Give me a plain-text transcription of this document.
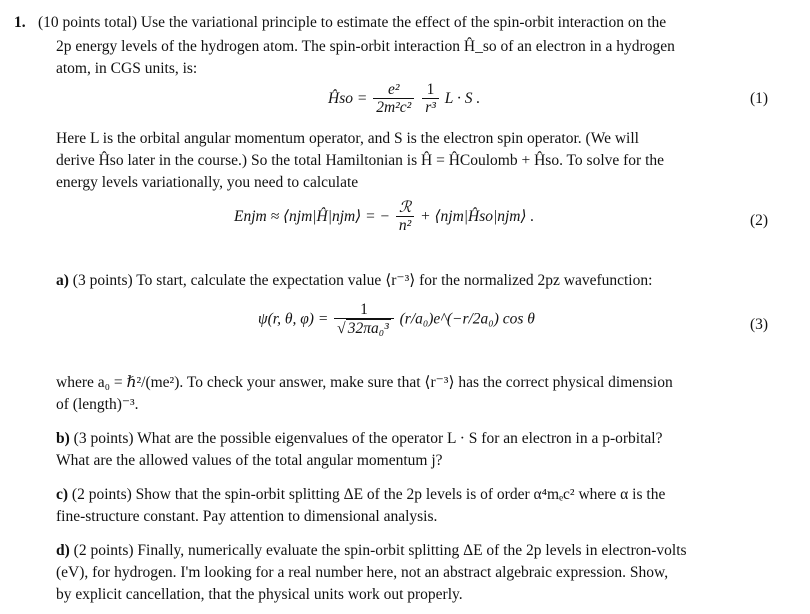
1. (10 points total) Use the variational principle to estimate the effect of the spin-orbit interaction on the
2p energy levels of the hydrogen atom. The spin-orbit interaction Ĥ_so of an electron in a hydrogen
atom, in CGS units, is:
Ĥso = $\frac{\text{e²}}{\text{2m²c²}}$
$\frac{1}{\text{r³}}$ L · S .	(1)
Here L is the orbital angular momentum operator, and S is the electron spin operator. (We will
derive Ĥso later in the course.) So the total Hamiltonian is Ĥ = ĤCoulomb + Ĥso. To solve for the
energy levels variationally, you need to calculate
Enjm ≈ ⟨njm|Ĥ|njm⟩ = − $\frac{\text{ℛ}}{\text{n²}}$ + ⟨njm|Ĥso|njm⟩ .	(2)
a) (3 points) To start, calculate the expectation value ⟨r⁻³⟩ for the normalized 2pz wavefunction:
ψ(r, θ, $\varphi) = \frac{1}{\text{√ 32πa₀³}}$ (r/a₀)e^(−r/2a₀) cos θ	(3)
where a₀ = ℏ²/(me²). To check your answer, make sure that ⟨r⁻³⟩ has the correct physical dimension
of (length)⁻³.
b) (3 points) What are the possible eigenvalues of the operator L · S for an electron in a p-orbital?
What are the allowed values of the total angular momentum j?
c) (2 points) Show that the spin-orbit splitting ΔE of the 2p levels is of order α⁴mₑc² where α is the
fine-structure constant. Pay attention to dimensional analysis.
d) (2 points) Finally, numerically evaluate the spin-orbit splitting ΔE of the 2p levels in electron-volts
(eV), for hydrogen. I'm looking for a real number here, not an abstract algebraic expression. Show,
by explicit cancellation, that the physical units work out properly.
